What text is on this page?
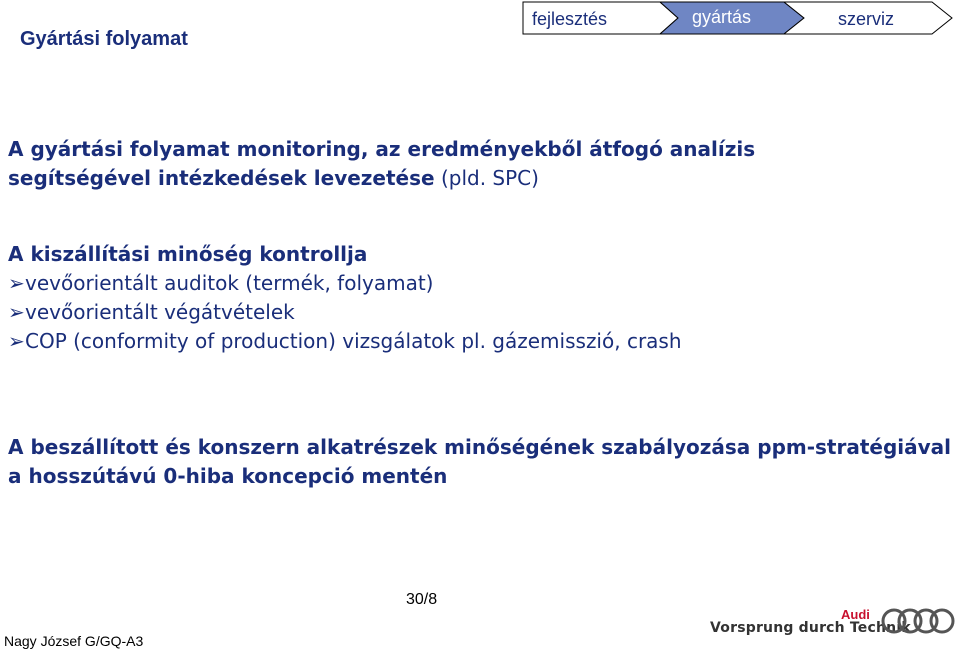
Gyártási folyamat
fejlesztés	gyártás	szerviz
A gyártási folyamat monitoring, az eredményekből átfogó analízis
segítségével intézkedések levezetése (pld. SPC)
A kiszállítási minőség kontrollja
➢ vevőorientált auditok (termék, folyamat)
➢ vevőorientált végátvételek
➢ COP (conformity of production) vizsgálatok pl. gázemisszió, crash
A beszállított és konszern alkatrészek minőségének szabályozása ppm-stratégiával
a hosszútávú 0-hiba koncepció mentén
30/8
Nagy József G/GQ-A3
Audi
Vorsprung durch Technik
